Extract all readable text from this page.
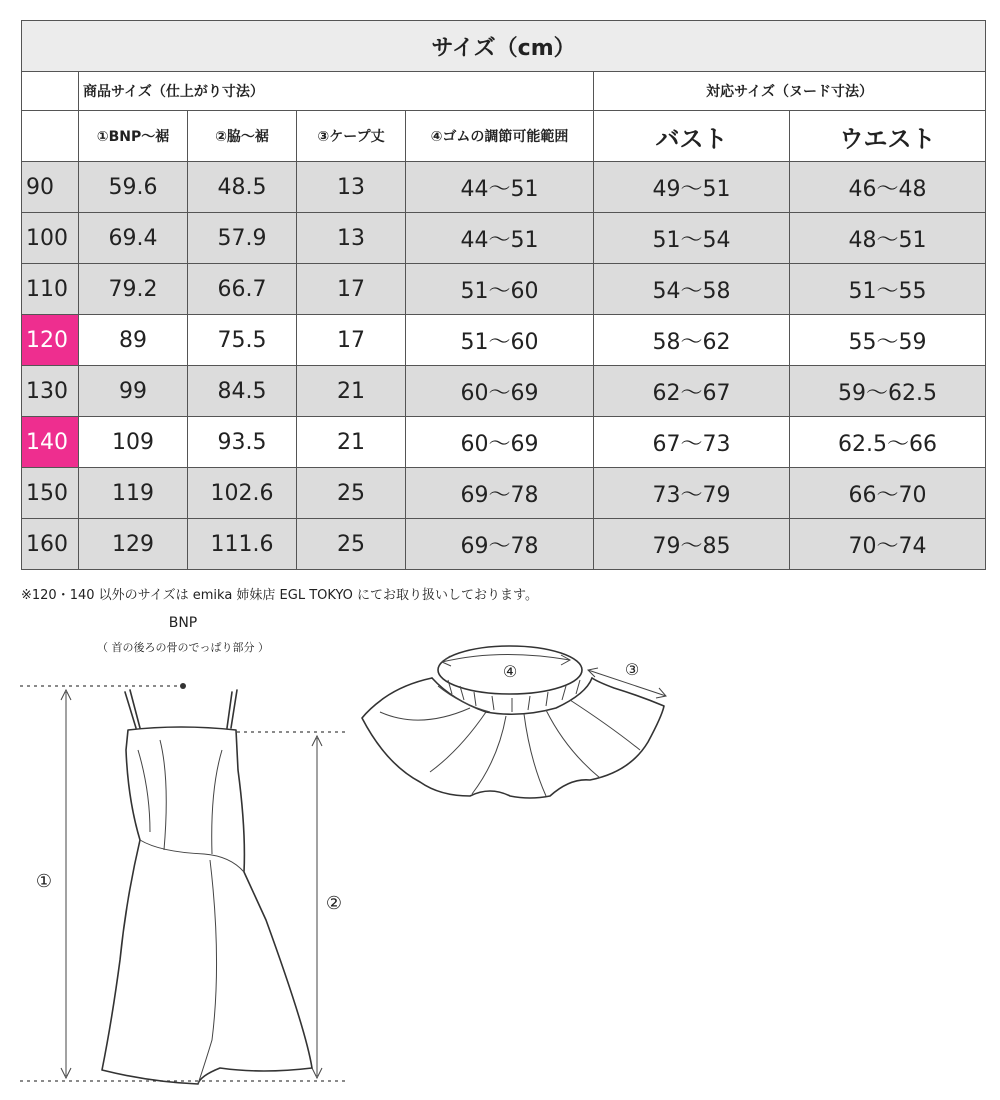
サイズ（cm）						
	商品サイズ（仕上がり寸法）				対応サイズ（ヌード寸法）	
	①BNP～裾	②脇～裾	③ケープ丈	④ゴムの調節可能範囲	バスト	ウエスト
90	59.6	48.5	13	44～51	49～51	46～48
100	69.4	57.9	13	44～51	51～54	48～51
110	79.2	66.7	17	51～60	54～58	51～55
120	89	75.5	17	51～60	58～62	55～59
130	99	84.5	21	60～69	62～67	59～62.5
140	109	93.5	21	60～69	67～73	62.5～66
150	119	102.6	25	69～78	73～79	66～70
160	129	111.6	25	69～78	79～85	70～74
※120・140 以外のサイズは emika 姉妹店 EGL TOKYO にてお取り扱いしております。
BNP
（ 首の後ろの骨のでっぱり部分 ）
①
②
④	③
